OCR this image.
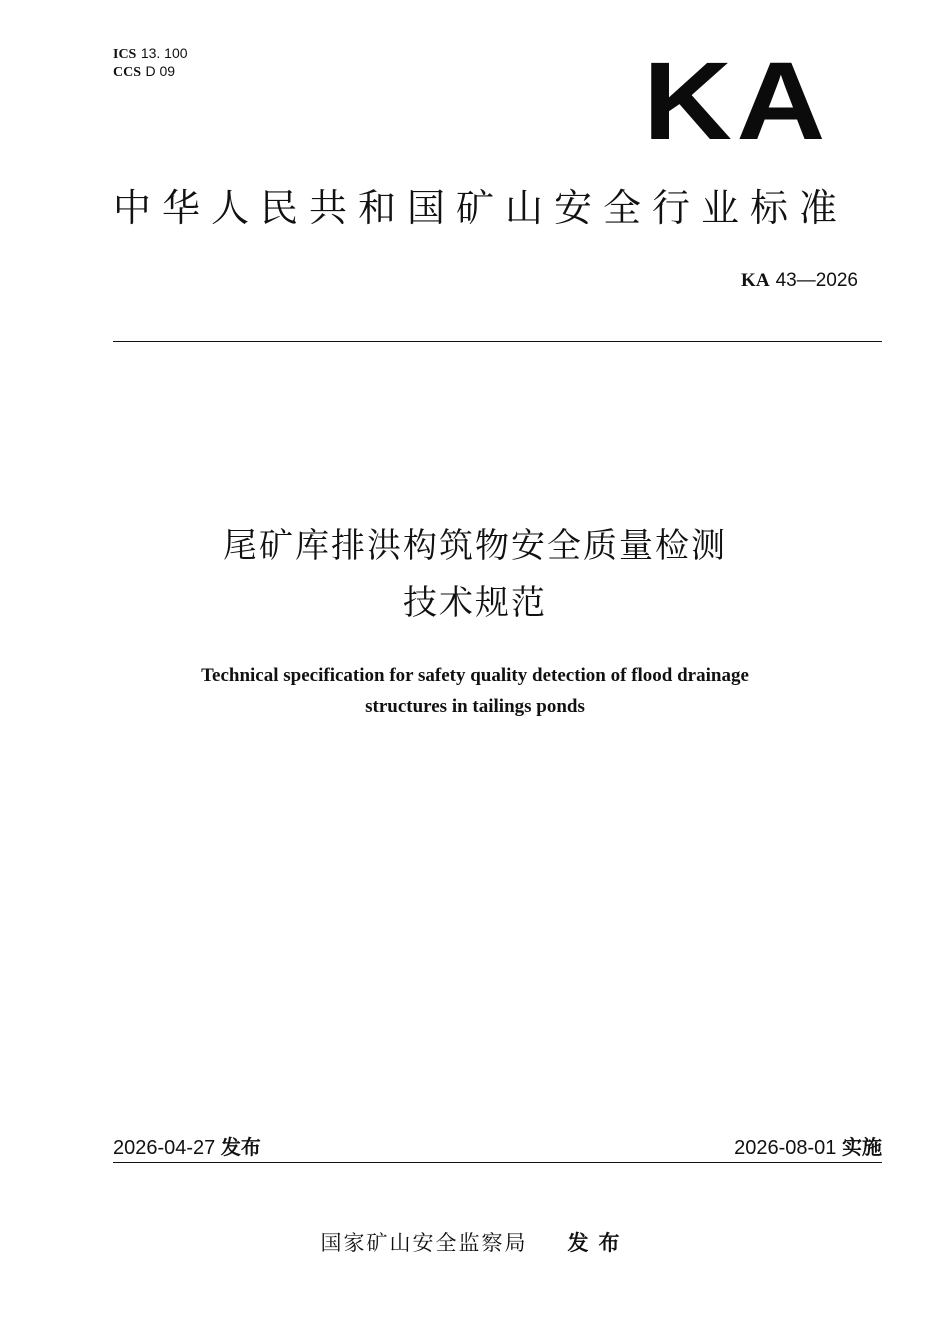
ICS 13. 100
CCS D 09	KA
中华人民共和国矿山安全行业标准
KA 43—2026
尾矿库排洪构筑物安全质量检测
技术规范
Technical specification for safety quality detection of flood drainage
structures in tailings ponds
2026-04-27 发布	2026-08-01 实施
国家矿山安全监察局 发布
